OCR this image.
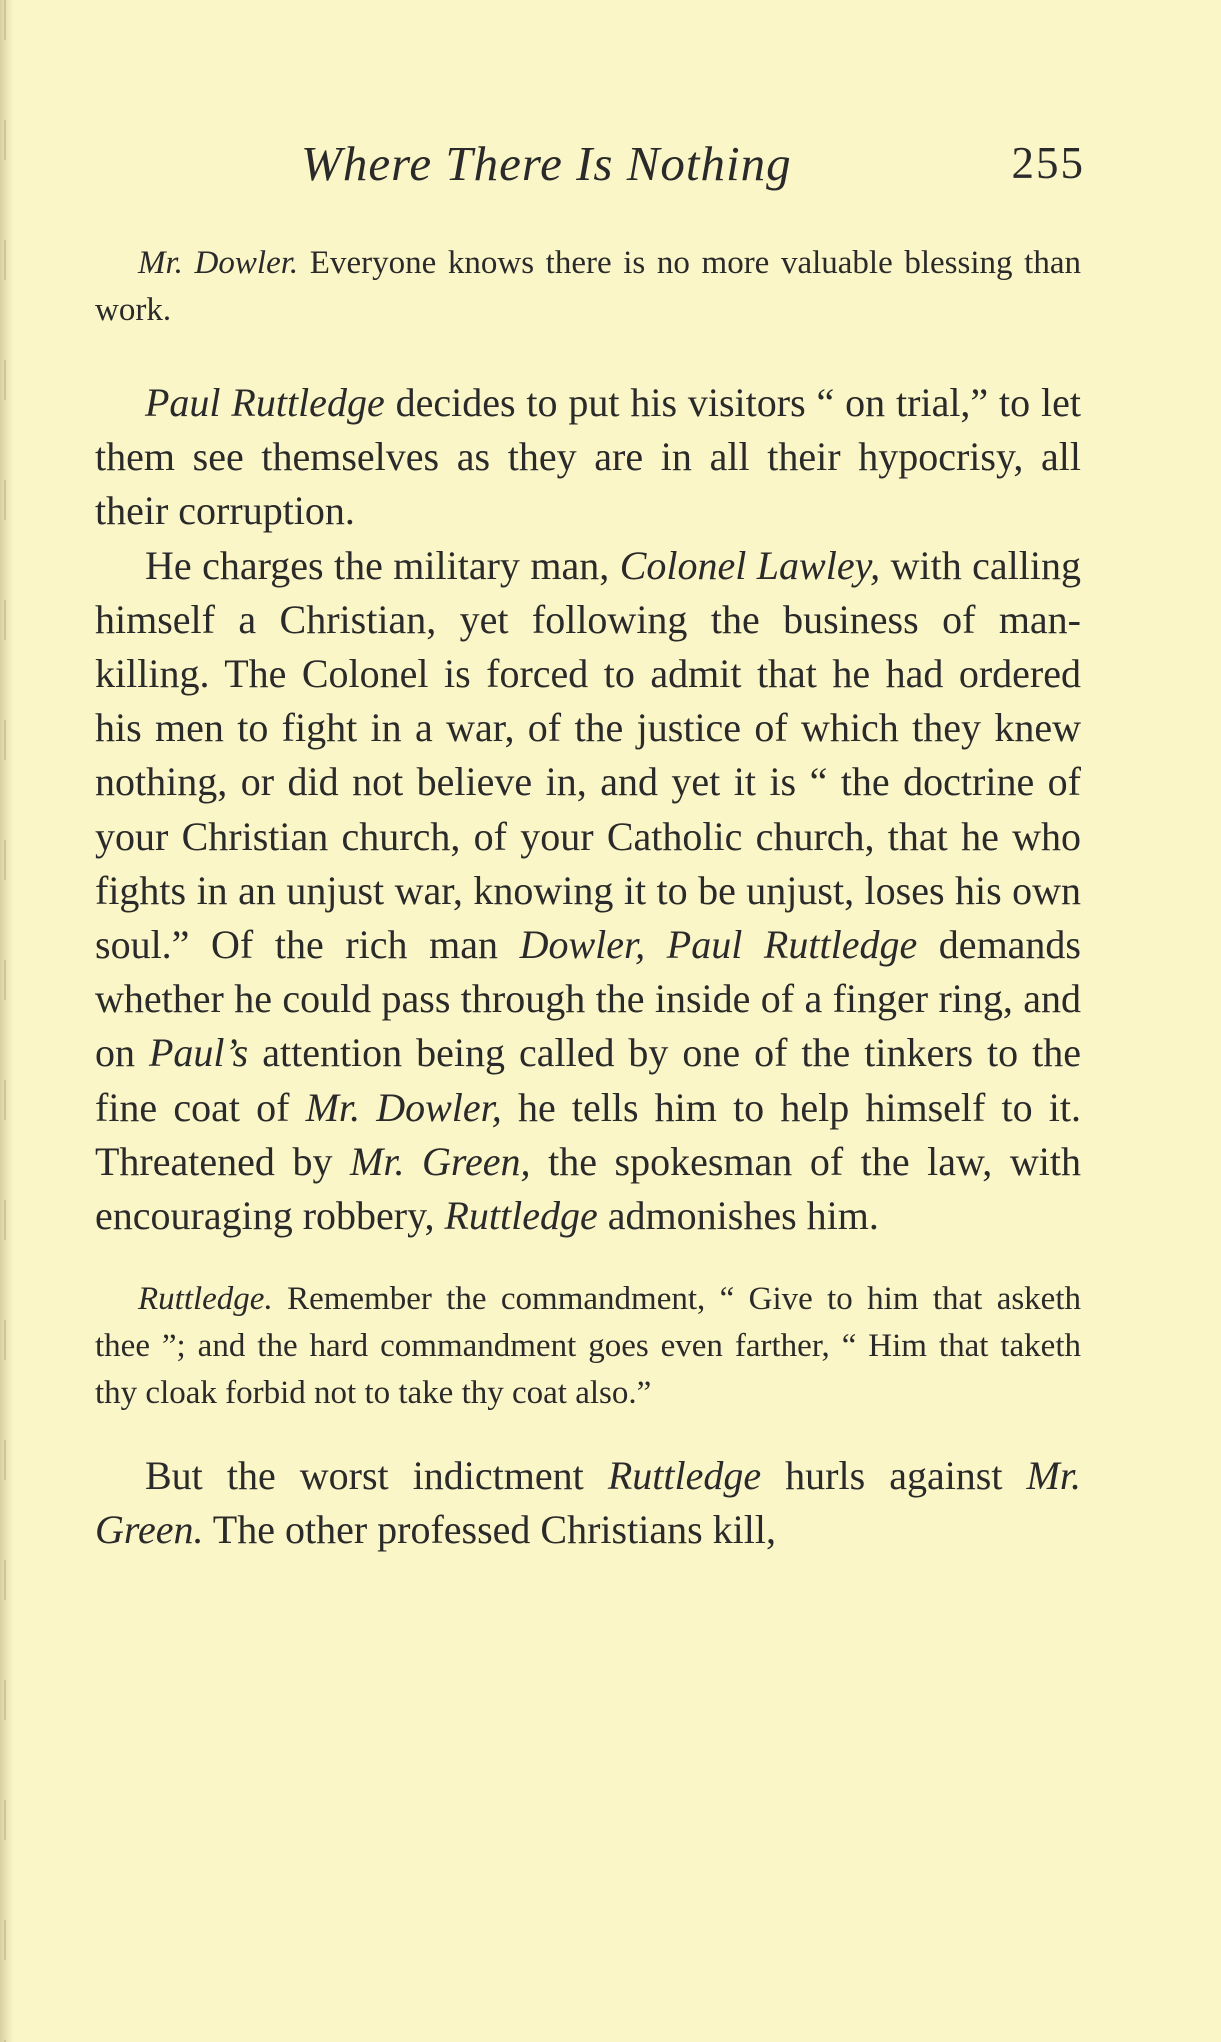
Where There Is Nothing	255

Mr. Dowler. Everyone knows there is no more valuable blessing than work.

Paul Ruttledge decides to put his visitors “ on trial,” to let them see themselves as they are in all their hypocrisy, all their corruption.

He charges the military man, Colonel Lawley, with calling himself a Christian, yet following the business of man-killing. The Colonel is forced to admit that he had ordered his men to fight in a war, of the justice of which they knew nothing, or did not believe in, and yet it is “ the doctrine of your Christian church, of your Catholic church, that he who fights in an unjust war, knowing it to be unjust, loses his own soul.” Of the rich man Dowler, Paul Ruttledge demands whether he could pass through the inside of a finger ring, and on Paul’s attention being called by one of the tinkers to the fine coat of Mr. Dowler, he tells him to help himself to it. Threatened by Mr. Green, the spokesman of the law, with encouraging robbery, Ruttledge admonishes him.

Ruttledge. Remember the commandment, “ Give to him that asketh thee ”; and the hard commandment goes even farther, “ Him that taketh thy cloak forbid not to take thy coat also.”

But the worst indictment Ruttledge hurls against Mr. Green. The other professed Christians kill,
